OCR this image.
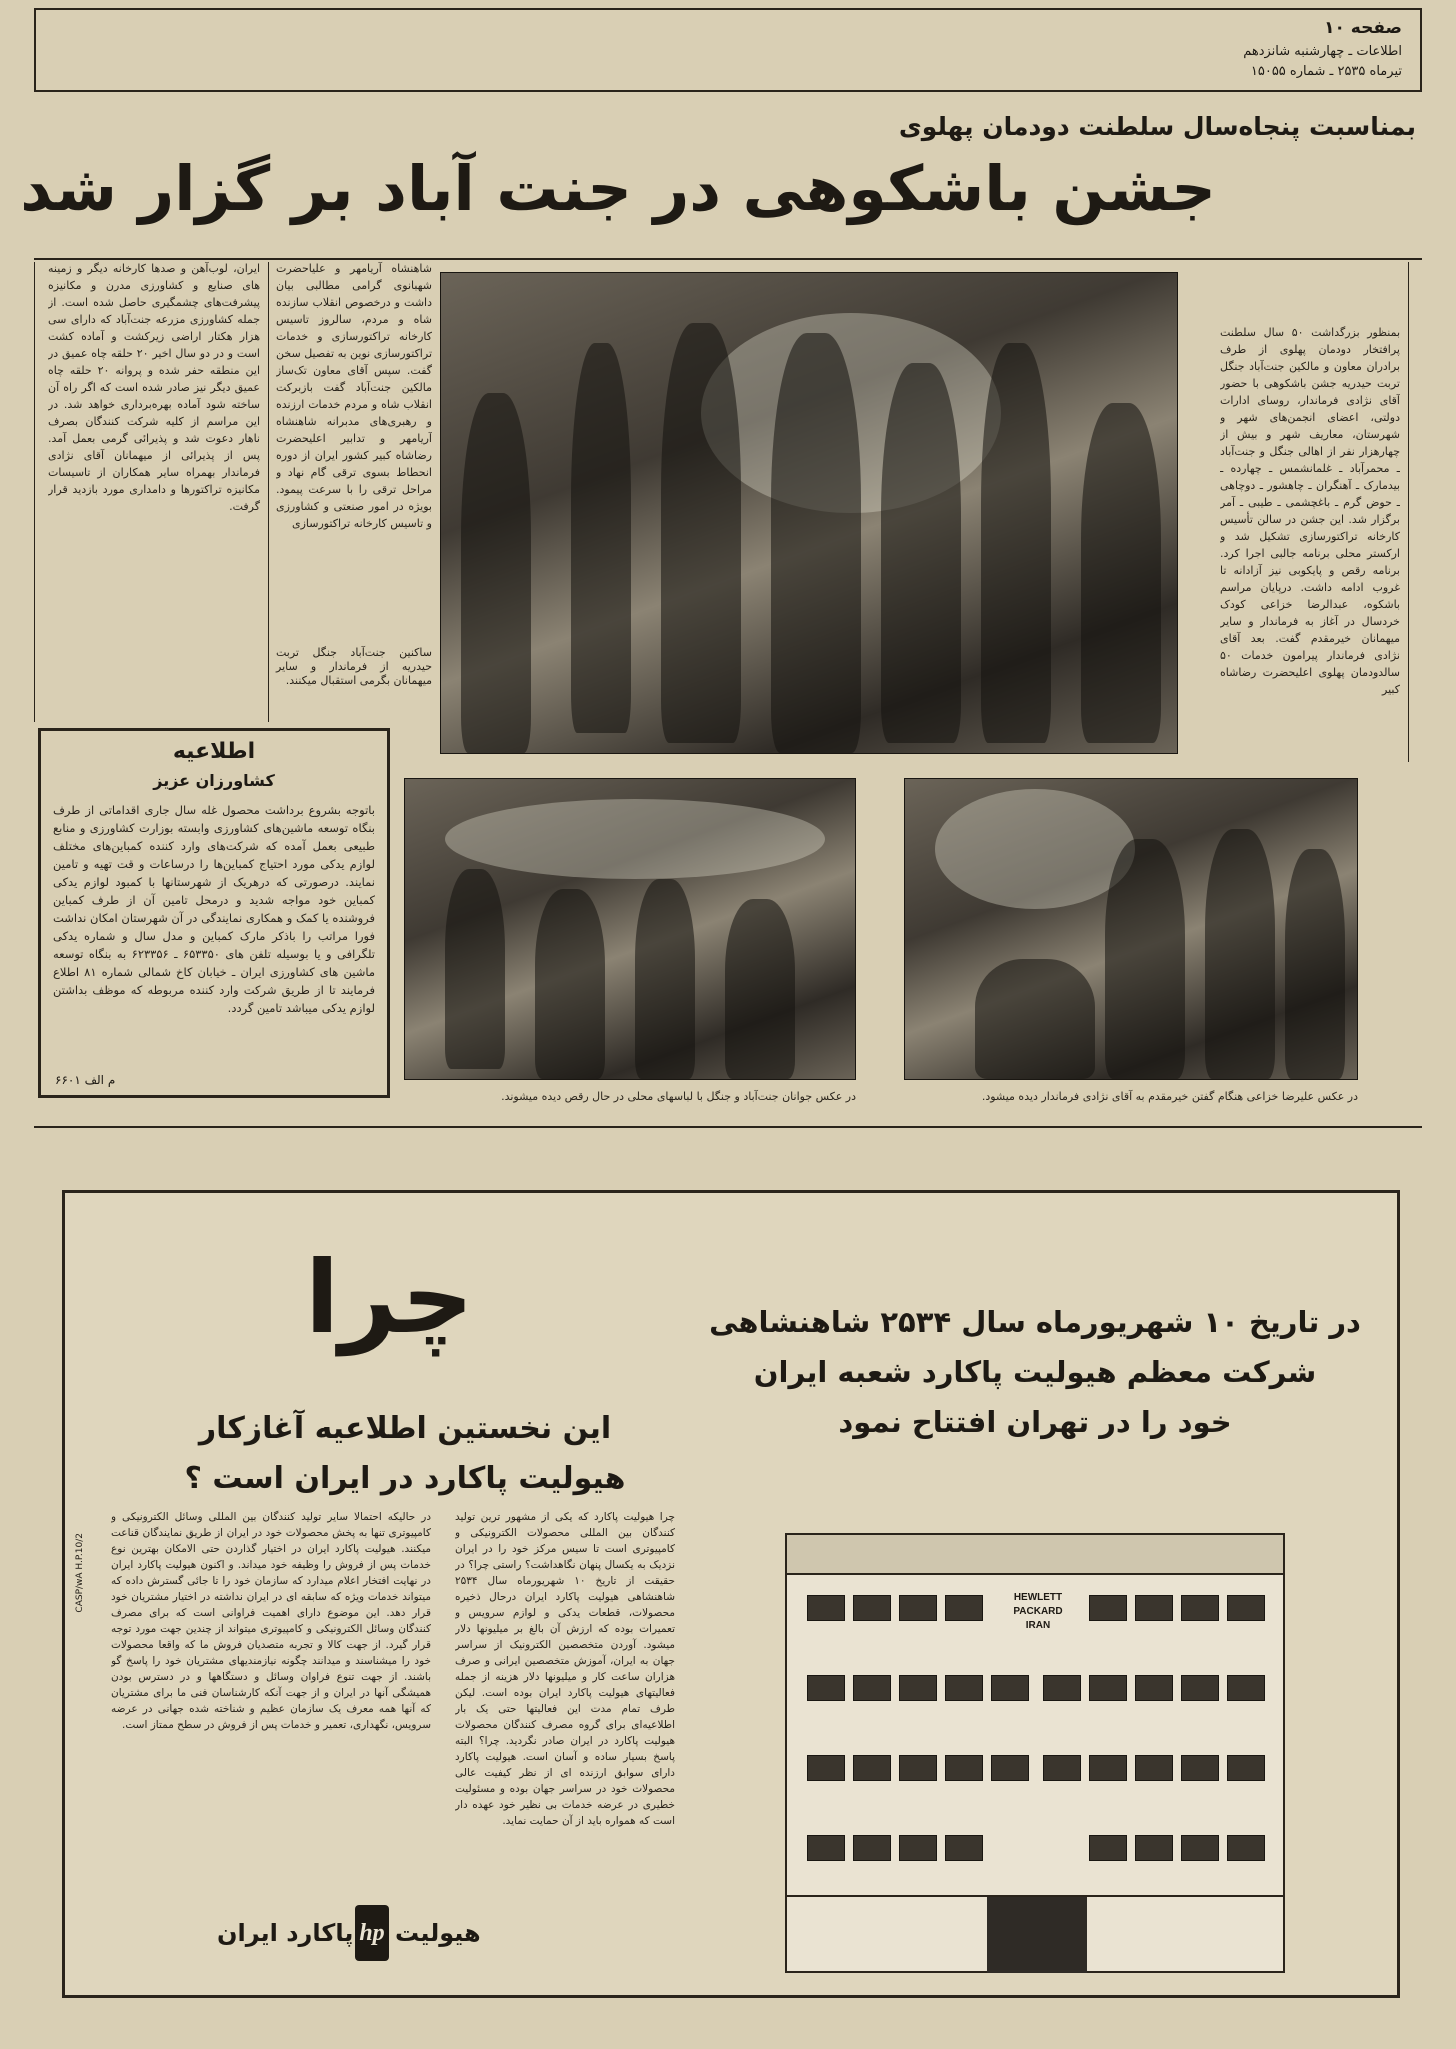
صفحه ۱۰
اطلاعات ـ چهارشنبه شانزدهم
تیرماه ۲۵۳۵ ـ شماره ۱۵۰۵۵
بمناسبت پنجاه‌سال سلطنت دودمان پهلوی
جشن باشکوهی در جنت آباد بر گزار شد
بمنظور بزرگداشت ۵۰ سال سلطنت پرافتخار دودمان پهلوی از طرف برادران معاون و مالکین جنت‌آباد جنگل تربت حیدریه جشن باشکوهی با حضور آقای نژادی فرماندار، روسای ادارات دولتی، اعضای انجمن‌های شهر و شهرستان، معاریف شهر و بیش از چهارهزار نفر از اهالی جنگل و جنت‌آباد ـ محمرآباد ـ غلمانشمس ـ چهارده ـ بیدمارک ـ آهنگران ـ چاهشور ـ دوچاهی ـ حوض گرم ـ باغچشمی ـ طیبی ـ آمر برگزار شد. این جشن در سالن تأسیس کارخانه تراکتورسازی تشکیل شد و ارکستر محلی برنامه جالبی اجرا کرد. برنامه رقص و پایکوبی نیز آزادانه تا غروب ادامه داشت. درپایان مراسم باشکوه، عبدالرضا خزاعی کودک خردسال در آغاز به فرماندار و سایر میهمانان خیرمقدم گفت. بعد آقای نژادی فرماندار پیرامون خدمات ۵۰ سالدودمان پهلوی اعلیحضرت رضاشاه کبیر
شاهنشاه آریامهر و علیاحضرت شهبانوی گرامی مطالبی بیان داشت و درخصوص انقلاب سازنده شاه و مردم، سالروز تاسیس کارخانه تراکتورسازی و خدمات تراکتورسازی نوین به تفصیل سخن گفت. سپس آقای معاون تک‌ساز مالکین جنت‌آباد گفت بازبرکت انقلاب شاه و مردم خدمات ارزنده و رهبری‌های مدبرانه شاهنشاه آریامهر و تدابیر اعلیحضرت رضاشاه کبیر کشور ایران از دوره انحطاط بسوی ترقی گام نهاد و مراحل ترقی را با سرعت پیمود. بویژه در امور صنعتی و کشاورزی و تاسیس کارخانه تراکتورسازی
ساکنین جنت‌آباد جنگل تربت حیدریه از فرماندار و سایر میهمانان بگرمی استقبال میکنند.
ایران، لوب‌آهن و صدها کارخانه دیگر و زمینه های صنایع و کشاورزی مدرن و مکانیزه پیشرفت‌های چشمگیری حاصل شده است. از جمله کشاورزی مزرعه جنت‌آباد که دارای سی هزار هکتار اراضی زیرکشت و آماده کشت است و در دو سال اخیر ۲۰ حلقه چاه عمیق در این منطقه حفر شده و پروانه ۲۰ حلقه چاه عمیق دیگر نیز صادر شده است که اگر راه آن ساخته شود آماده بهره‌برداری خواهد شد. در این مراسم از کلیه شرکت کنندگان بصرف ناهار دعوت شد و پذیرائی گرمی بعمل آمد. پس از پذیرائی از میهمانان آقای نژادی فرماندار بهمراه سایر همکاران از تاسیسات مکانیزه تراکتورها و دامداری مورد بازدید قرار گرفت.
اطلاعیه
کشاورزان عزیز
باتوجه بشروع برداشت محصول غله سال جاری اقداماتی از طرف بنگاه توسعه ماشین‌های کشاورزی وابسته بوزارت کشاورزی و منابع طبیعی بعمل آمده که شرکت‌های وارد کننده کمباین‌های مختلف لوازم یدکی مورد احتیاج کمباین‌ها را درساعات و قت تهیه و تامین نمایند. درصورتی که درهریک از شهرستانها با کمبود لوازم یدکی کمباین خود مواجه شدید و درمحل تامین آن از طرف کمباین فروشنده یا کمک و همکاری نمایندگی در آن شهرستان امکان نداشت فورا مراتب را باذکر مارک کمباین و مدل سال و شماره یدکی تلگرافی و یا بوسیله تلفن های ۶۵۳۳۵۰ ـ ۶۲۳۳۵۶ به بنگاه توسعه ماشین های کشاورزی ایران ـ خیابان کاخ شمالی شماره ۸۱ اطلاع فرمایند تا از طریق شرکت وارد کننده مربوطه که موظف بداشتن لوازم یدکی میباشد تامین گردد.
م الف ۶۶۰۱
در عکس جوانان جنت‌آباد و جنگل با لباسهای محلی در حال رقص دیده میشوند.	در عکس علیرضا خزاعی هنگام گفتن خیرمقدم به آقای نژادی فرماندار دیده میشود.
چرا
این نخستین اطلاعیه آغازکار
هیولیت پاکارد در ایران است ؟
در تاریخ ۱۰ شهریورماه سال ۲۵۳۴ شاهنشاهی
شرکت معظم هیولیت پاکارد شعبه ایران
خود را در تهران افتتاح نمود
چرا هیولیت پاکارد که یکی از مشهور ترین تولید کنندگان بین المللی محصولات الکترونیکی و کامپیوتری است تا سیس مرکز خود را در ایران نزدیک به یکسال پنهان نگاهداشت؟ راستی چرا؟ در حقیقت از تاریخ ۱۰ شهریورماه سال ۲۵۳۴ شاهنشاهی هیولیت پاکارد ایران درحال ذخیره محصولات، قطعات یدکی و لوازم سرویس و تعمیرات بوده که ارزش آن بالغ بر میلیونها دلار میشود. آوردن متخصصین الکترونیک از سراسر جهان به ایران، آموزش متخصصین ایرانی و صرف هزاران ساعت کار و میلیونها دلار هزینه از جمله فعالیتهای هیولیت پاکارد ایران بوده است. لیکن طرف تمام مدت این فعالیتها حتی یک بار اطلاعیه‌ای برای گروه مصرف کنندگان محصولات هیولیت پاکارد در ایران صادر نگردید. چرا؟ البته پاسخ بسیار ساده و آسان است. هیولیت پاکارد دارای سوابق ارزنده ای از نظر کیفیت عالی محصولات خود در سراسر جهان بوده و مسئولیت خطیری در عرضه خدمات بی نظیر خود عهده دار است که همواره باید از آن حمایت نماید.
در حالیکه احتمالا سایر تولید کنندگان بین المللی وسائل الکترونیکی و کامپیوتری تنها به پخش محصولات خود در ایران از طریق نمایندگان قناعت میکنند. هیولیت پاکارد ایران در اختیار گذاردن حتی الامکان بهترین نوع خدمات پس از فروش را وظیفه خود میداند. و اکنون هیولیت پاکارد ایران در نهایت افتخار اعلام میدارد که سازمان خود را تا جائی گسترش داده که میتواند خدمات ویژه که سابقه ای در ایران نداشته در اختیار مشتریان خود قرار دهد. این موضوع دارای اهمیت فراوانی است که برای مصرف کنندگان وسائل الکترونیکی و کامپیوتری میتواند از چندین جهت مورد توجه قرار گیرد. از جهت کالا و تجربه متصدیان فروش ما که واقعا محصولات خود را میشناسند و میدانند چگونه نیازمندیهای مشتریان خود را پاسخ گو باشند. از جهت تنوع فراوان وسائل و دستگاهها و در دسترس بودن همیشگی آنها در ایران و از جهت آنکه کارشناسان فنی ما برای مشتریان که آنها همه معرف یک سازمان عظیم و شناخته شده جهانی در عرضه سرویس، نگهداری، تعمیر و خدمات پس از فروش در سطح ممتاز است.
CASP/wA H.P.10/2	HEWLETT PACKARD
IRAN
هیولیت
hp
پاکارد ایران
